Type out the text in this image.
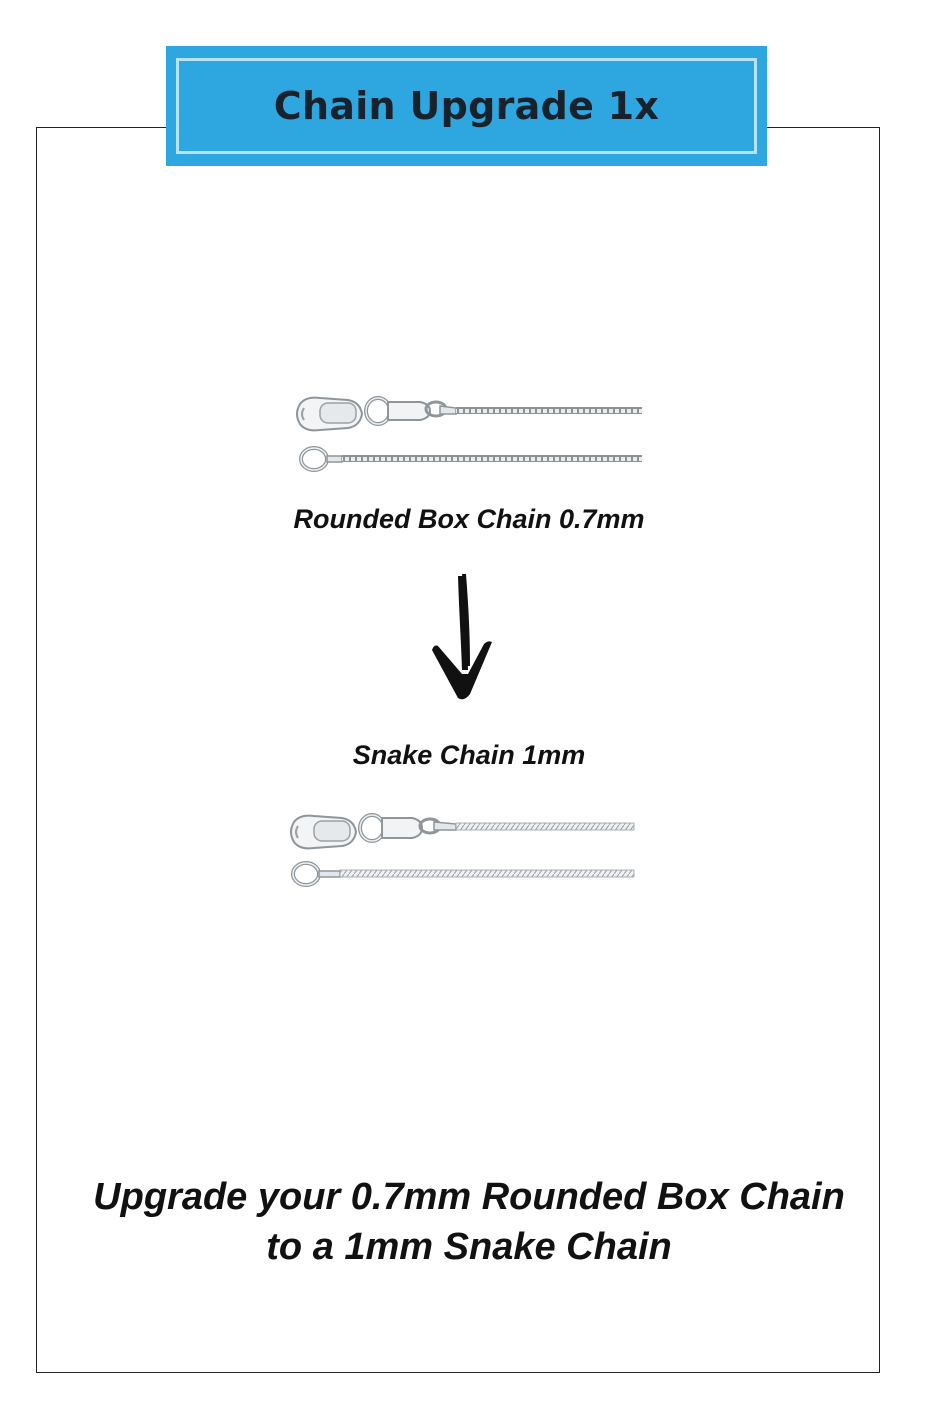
Chain Upgrade 1x
Rounded Box Chain 0.7mm
Snake Chain 1mm
Upgrade your 0.7mm Rounded Box Chain
to a 1mm Snake Chain
